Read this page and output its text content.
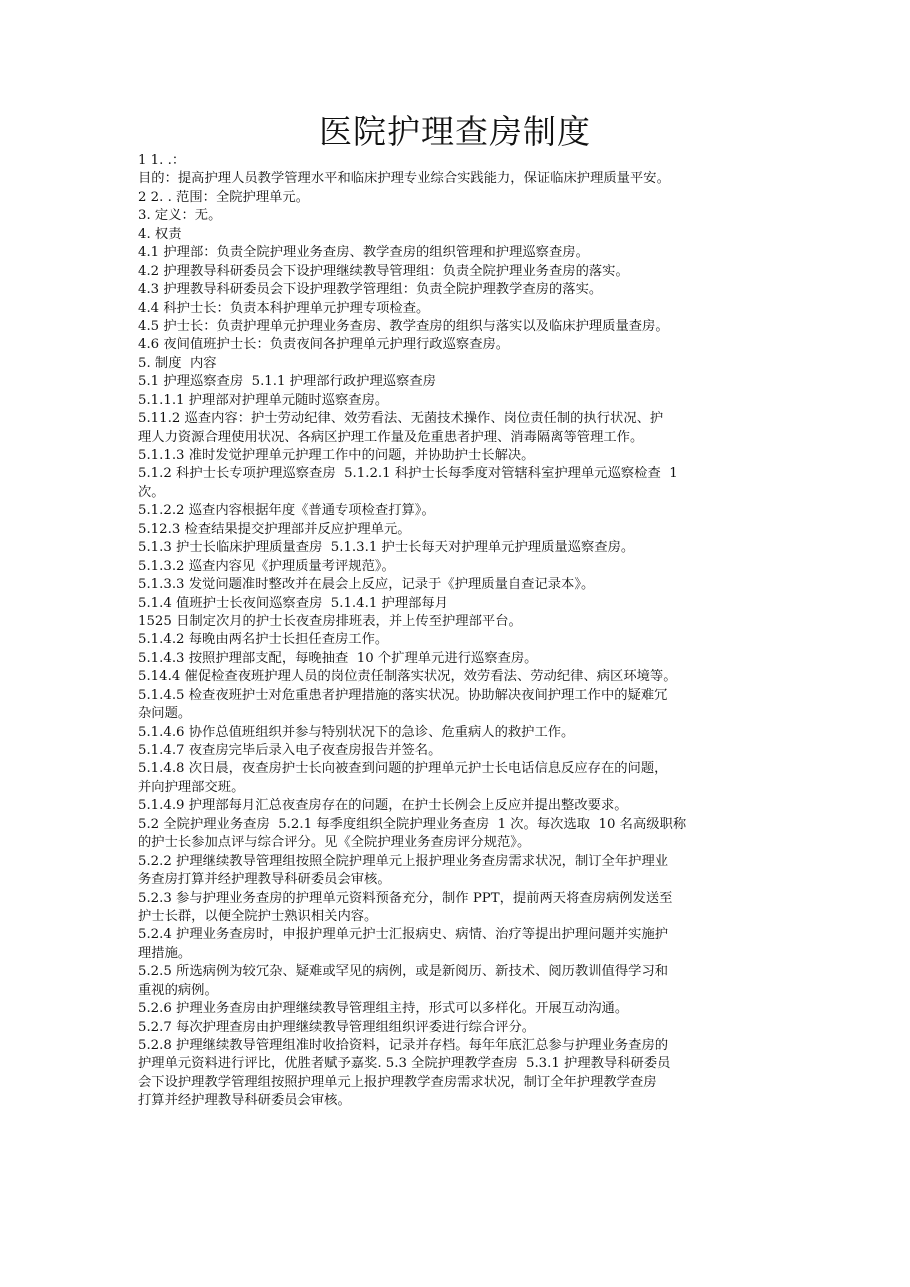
医院护理查房制度
1 1. .：
目的：提高护理人员教学管理水平和临床护理专业综合实践能力，保证临床护理质量平安。
2 2. . 范围：全院护理单元。
3. 定义：无。
4. 权责
4.1 护理部：负责全院护理业务查房、教学查房的组织管理和护理巡察查房。
4.2 护理教导科研委员会下设护理继续教导管理组：负责全院护理业务查房的落实。
4.3 护理教导科研委员会下设护理教学管理组：负责全院护理教学查房的落实。
4.4 科护士长：负责本科护理单元护理专项检查。
4.5 护士长：负责护理单元护理业务查房、教学查房的组织与落实以及临床护理质量查房。
4.6 夜间值班护士长：负责夜间各护理单元护理行政巡察查房。
5. 制度  内容
5.1 护理巡察查房  5.1.1 护理部行政护理巡察查房
5.1.1.1 护理部对护理单元随时巡察查房。
5.11.2 巡查内容：护士劳动纪律、效劳看法、无菌技术操作、岗位责任制的执行状况、护
理人力资源合理使用状况、各病区护理工作量及危重患者护理、消毒隔离等管理工作。
5.1.1.3 准时发觉护理单元护理工作中的问题，并协助护士长解决。
5.1.2 科护士长专项护理巡察查房  5.1.2.1 科护士长每季度对管辖科室护理单元巡察检查  1
次。
5.1.2.2 巡查内容根据年度《普通专项检查打算》。
5.12.3 检查结果提交护理部并反应护理单元。
5.1.3 护士长临床护理质量查房  5.1.3.1 护士长每天对护理单元护理质量巡察查房。
5.1.3.2 巡查内容见《护理质量考评规范》。
5.1.3.3 发觉问题准时整改并在晨会上反应，记录于《护理质量自查记录本》。
5.1.4 值班护士长夜间巡察查房  5.1.4.1 护理部每月
1525 日制定次月的护士长夜查房排班表，并上传至护理部平台。
5.1.4.2 每晚由两名护士长担任查房工作。
5.1.4.3 按照护理部支配，每晚抽查  10 个扩理单元进行巡察查房。
5.14.4 催促检查夜班护理人员的岗位责任制落实状况，效劳看法、劳动纪律、病区环境等。
5.1.4.5 检查夜班护士对危重患者护理措施的落实状况。协助解决夜间护理工作中的疑难冗
杂问题。
5.1.4.6 协作总值班组织并参与特别状况下的急诊、危重病人的救护工作。
5.1.4.7 夜查房完毕后录入电子夜查房报告并签名。
5.1.4.8 次日晨，夜查房护士长向被查到问题的护理单元护士长电话信息反应存在的问题，
并向护理部交班。
5.1.4.9 护理部每月汇总夜查房存在的问题，在护士长例会上反应并提出整改要求。
5.2 全院护理业务查房  5.2.1 每季度组织全院护理业务查房  1 次。每次选取  10 名高级职称
的护士长参加点评与综合评分。见《全院护理业务查房评分规范》。
5.2.2 护理继续教导管理组按照全院护理单元上报护理业务查房需求状况，制订全年护理业
务查房打算并经护理教导科研委员会审核。
5.2.3 参与护理业务查房的护理单元资料预备充分，制作 PPT，提前两天将查房病例发送至
护士长群，以便全院护士熟识相关内容。
5.2.4 护理业务查房时，申报护理单元护士汇报病史、病情、治疗等提出护理问题并实施护
理措施。
5.2.5 所选病例为较冗杂、疑难或罕见的病例，或是新阅历、新技术、阅历教训值得学习和
重视的病例。
5.2.6 护理业务查房由护理继续教导管理组主持，形式可以多样化。开展互动沟通。
5.2.7 每次护理查房由护理继续教导管理组组织评委进行综合评分。
5.2.8 护理继续教导管理组准时收拾资料，记录并存档。每年年底汇总参与护理业务查房的
护理单元资料进行评比，优胜者赋予嘉奖. 5.3 全院护理教学查房  5.3.1 护理教导科研委员
会下设护理教学管理组按照护理单元上报护理教学查房需求状况，制订全年护理教学查房
打算并经护理教导科研委员会审核。
